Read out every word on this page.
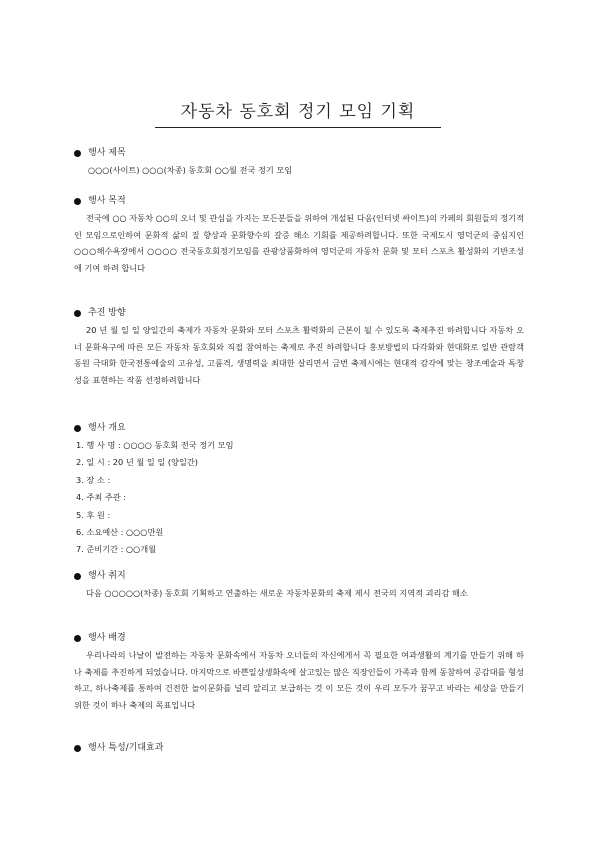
자동차 동호회 정기 모임 기획
행사 제목

○○○(사이트) ○○○(차종) 동호회 ○○월 전국 정기 모임

행사 목적

전국에 ○○ 자동차 ○○의 오너 및 관심을 가지는 모든분들을 위하여 개설된 다음(인터넷 싸이트)의 카페의 회원들의 정기적인 모임으로인하여 문화적 삶의 질 향상과 문화향수의 갈증 해소 기회를 제공하려합니다. 또한 국제도시 영덕군의 중심지인 ○○○해수욕장에서 ○○○○ 전국동호회정기모임를 관광상품화하여 영덕군의 자동차 문화 및 모터 스포츠 활성화의 기반조성에 기여 하려 합니다

추진 방향

20 년 월 일 일 양일간의 축제가 자동차 문화와 모터 스포츠 활력화의 근본이 될 수 있도록 축제추진 하려합니다 자동차 오너 문화욕구에 따른 모든 자동차 동호회와 직접 참여하는 축제로 추진 하려합니다 홍보방법의 다각화와 현대화로 일반 관람객 동원 극대화 한국전통예술의 고유성, 고품격, 생명력을 최대한 살리면서 금번 축제시에는 현대적 감각에 맞는 창조예술과 독창성을 표현하는 작품 선정하려합니다

행사 개요
1. 행 사 명 : ○○○○ 동호회 전국 정기 모임
2. 일 시 : 20 년 월 일 일 (양일간)
3. 장 소 :
4. 주최 주관 :
5. 후 원 :
6. 소요예산 : ○○○만원
7. 준비기간 : ○○개월
행사 취지

다음 ○○○○○(차종) 동호회 기획하고 연출하는 새로운 자동차문화의 축제 제시 전국의 지역적 괴리감 해소

행사 배경

우리나라의 나날이 발전하는 자동차 문화속에서 자동차 오너들의 자신에게서 꼭 필요한 여과생활의 계기를 만들기 위해 하나 축제를 추진하게 되었습니다. 마지막으로 바쁜일상생화속에 살고있는 많은 직장인들이 가족과 함께 동참하여 공감대를 형성하고, 하나축제를 통하여 건전한 놀이문화를 널리 알리고 보급하는 것 이 모든 것이 우리 모두가 꿈꾸고 바라는 세상을 만들기 위한 것이 하나 축제의 목표입니다

행사 특성/기대효과
